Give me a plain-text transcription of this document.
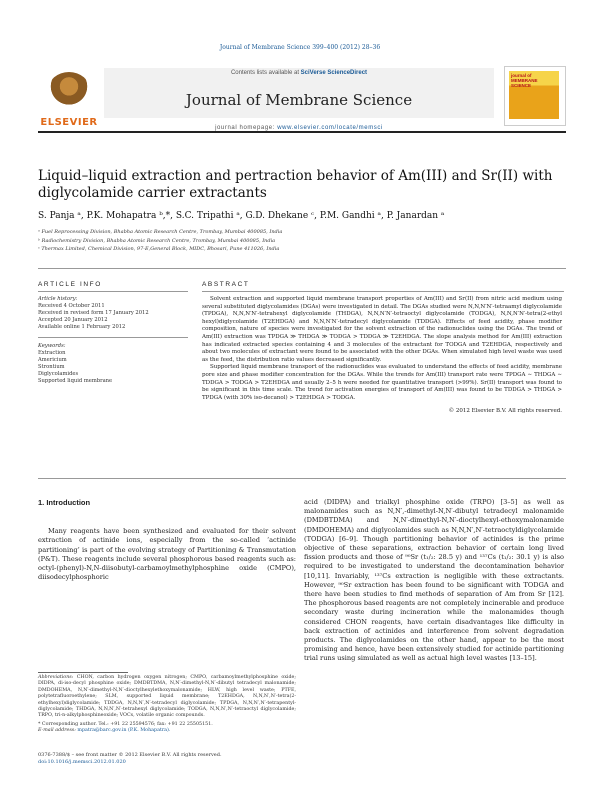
Journal of Membrane Science 399–400 (2012) 28–36
ELSEVIER
Contents lists available at SciVerse ScienceDirect
Journal of Membrane Science
journal homepage: www.elsevier.com/locate/memsci
journal of MEMBRANE SCIENCE
Liquid–liquid extraction and pertraction behavior of Am(III) and Sr(II) with diglycolamide carrier extractants
S. Panja ᵃ, P.K. Mohapatra ᵇ,*, S.C. Tripathi ᵃ, G.D. Dhekane ᶜ, P.M. Gandhi ᵃ, P. Janardan ᵃ
ᵃ Fuel Reprocessing Division, Bhabha Atomic Research Centre, Trombay, Mumbai 400085, India
ᵇ Radiochemistry Division, Bhabha Atomic Research Centre, Trombay, Mumbai 400085, India
ᶜ Thermax Limited, Chemical Division, 97-E,General Block, MIDC, Bhosari, Pune 411026, India
ARTICLE INFO	ABSTRACT
Article history:
Received 4 October 2011
Received in revised form 17 January 2012
Accepted 20 January 2012
Available online 1 February 2012
Keywords:
Extraction
Americium
Strontium
Diglycolamides
Supported liquid membrane

Solvent extraction and supported liquid membrane transport properties of Am(III) and Sr(II) from nitric acid medium using several substituted diglycolamides (DGAs) were investigated in detail. The DGAs studied were N,N,N′N′-tetraamyl diglycolamide (TPDGA), N,N,N′N′-tetrahexyl diglycolamide (THDGA), N,N,N′N′-tetraoctyl diglycolamide (TODGA), N,N,N′N′-tetra(2-ethyl hexyl)diglycolamide (T2EHDGA) and N,N,N′N′-tetradecyl diglycolamide (TDDGA). Effects of feed acidity, phase modifier composition, nature of species were investigated for the solvent extraction of the radionuclides using the DGAs. The trend of Am(III) extraction was TPDGA ≫ THDGA ≫ TODGA > TDDGA ≫ T2EHDGA. The slope analysis method for Am(III) extraction has indicated extracted species containing 4 and 3 molecules of the extractant for TODGA and T2EHDGA, respectively and about two molecules of extractant were found to be associated with the other DGAs. When simulated high level waste was used as the feed, the distribution ratio values decreased significantly.

Supported liquid membrane transport of the radionuclides was evaluated to understand the effects of feed acidity, membrane pore size and phase modifier concentration for the DGAs. While the trends for Am(III) transport rate were TPDGA ∼ THDGA ∼ TDDGA > TODGA > T2EHDGA and usually 2–5 h were needed for quantitative transport (>99%). Sr(II) transport was found to be significant in this time scale. The trend for activation energies of transport of Am(III) was found to be TDDGA > THDGA > TPDGA (with 30% iso-decanol) > T2EHDGA > TODGA.

© 2012 Elsevier B.V. All rights reserved.
1. Introduction

Many reagents have been synthesized and evaluated for their solvent extraction of actinide ions, especially from the so-called ‘actinide partitioning’ is part of the evolving strategy of Partitioning & Transmutation (P&T). These reagents include several phosphorous based reagents such as: octyl-(phenyl)-N,N-diisobutyl-carbamoylmethylphosphine oxide (CMPO), diisodecylphosphoric

acid (DIDPA) and trialkyl phosphine oxide (TRPO) [3–5] as well as malonamides such as N,N′,-dimethyl-N,N′-dibutyl tetradecyl malonamide (DMDBTDMA) and N,N′-dimethyl-N,N′-dioctylhexyl-ethoxymalonamide (DMDOHEMA) and diglycolamides such as N,N,N′,N′-tetraoctyldiglycolamide (TODGA) [6–9]. Though partitioning behavior of actinides is the prime objective of these separations, extraction behavior of certain long lived fission products and those of ⁹⁰Sr (t₁/₂: 28.5 y) and ¹³⁷Cs (t₁/₂: 30.1 y) is also required to be investigated to understand the decontamination behavior [10,11]. Invariably, ¹³⁷Cs extraction is negligible with these extractants. However, ⁹⁰Sr extraction has been found to be significant with TODGA and there have been studies to find methods of separation of Am from Sr [12]. The phosphorous based reagents are not completely incinerable and produce secondary waste during incineration while the malonamides though considered CHON reagents, have certain disadvantages like difficulty in back extraction of actinides and interference from solvent degradation products. The diglycolamides on the other hand, appear to be the most promising and hence, have been extensively studied for actinide partitioning trial runs using simulated as well as actual high level wastes [13–15].

Abbreviations: CHON, carbon hydrogen oxygen nitrogen; CMPO, carbamoylmethylphosphine oxide; DIDPA, di-iso-decyl phosphine oxide; DMDBTDMA, N,N′-dimethyl-N,N′-dibutyl tetradecyl malonamide; DMDOHEMA, N,N′-dimethyl-N,N′-dioctylhexylethoxymalonamide; HLW, high level waste; PTFE, polytetrafluoroethylene; SLM, supported liquid membrane; T2EHDGA, N,N,N′,N′-tetra(2-ethylhexyl)diglycolamide; TDDGA, N,N,N′,N′-tetradecyl diglycolamide; TPDGA, N,N,N′,N′-tetrapentyl-diglycolamide; THDGA, N,N,N′,N′-tetrahexyl diglycolamide; TODGA, N,N,N′,N′-tetraoctyl diglycolamide; TRPO, tri-n-alkylphosphineoxide; VOCs, volatile organic compounds.
* Corresponding author. Tel.: +91 22 25594576; fax: +91 22 25505151.
E-mail address: mpatra@barc.gov.in (P.K. Mohapatra).
0376-7388/$ – see front matter © 2012 Elsevier B.V. All rights reserved.
doi:10.1016/j.memsci.2012.01.020
